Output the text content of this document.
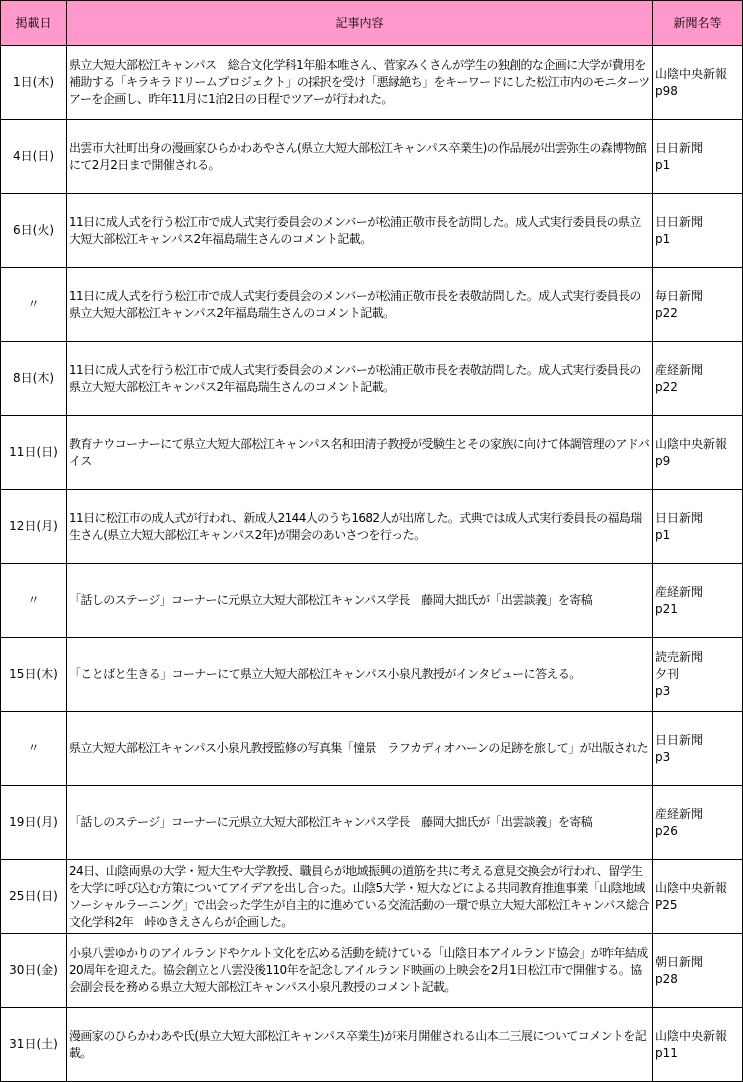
掲載日	記事内容	新聞名等
1日(木)	県立大短大部松江キャンパス　総合文化学科1年船本唯さん、菅家みくさんが学生の独創的な企画に大学が費用を補助する「キラキラドリームプロジェクト」の採択を受け「悪縁絶ち」をキーワードにした松江市内のモニターツアーを企画し、昨年11月に1泊2日の日程でツアーが行われた。	山陰中央新報
p98
4日(日)	出雲市大社町出身の漫画家ひらかわあやさん(県立大短大部松江キャンパス卒業生)の作品展が出雲弥生の森博物館にて2月2日まで開催される。	日日新聞
p1
6日(火)	11日に成人式を行う松江市で成人式実行委員会のメンバーが松浦正敬市長を訪問した。成人式実行委員長の県立大短大部松江キャンパス2年福島瑞生さんのコメント記載。	日日新聞
p1
〃	11日に成人式を行う松江市で成人式実行委員会のメンバーが松浦正敬市長を表敬訪問した。成人式実行委員長の県立大短大部松江キャンパス2年福島瑞生さんのコメント記載。	毎日新聞
p22
8日(木)	11日に成人式を行う松江市で成人式実行委員会のメンバーが松浦正敬市長を表敬訪問した。成人式実行委員長の県立大短大部松江キャンパス2年福島瑞生さんのコメント記載。	産経新聞
p22
11日(日)	教育ナウコーナーにて県立大短大部松江キャンパス名和田清子教授が受験生とその家族に向けて体調管理のアドバイス	山陰中央新報
p9
12日(月)	11日に松江市の成人式が行われ、新成人2144人のうち1682人が出席した。式典では成人式実行委員長の福島瑞生さん(県立大短大部松江キャンパス2年)が開会のあいさつを行った。	日日新聞
p1
〃	「話しのステージ」コーナーに元県立大短大部松江キャンパス学長　藤岡大拙氏が「出雲談義」を寄稿	産経新聞
p21
15日(木)	「ことばと生きる」コーナーにて県立大短大部松江キャンパス小泉凡教授がインタビューに答える。	読売新聞
夕刊
p3
〃	県立大短大部松江キャンパス小泉凡教授監修の写真集「憧景　ラフカディオハーンの足跡を旅して」が出版された	日日新聞
p3
19日(月)	「話しのステージ」コーナーに元県立大短大部松江キャンパス学長　藤岡大拙氏が「出雲談義」を寄稿	産経新聞
p26
25日(日)	24日、山陰両県の大学・短大生や大学教授、職員らが地域振興の道筋を共に考える意見交換会が行われ、留学生を大学に呼び込む方策についてアイデアを出し合った。山陰5大学・短大などによる共同教育推進事業「山陰地域ソーシャルラーニング」で出会った学生が自主的に進めている交流活動の一環で県立大短大部松江キャンパス総合文化学科2年　峠ゆきえさんらが企画した。	山陰中央新報
P25
30日(金)	小泉八雲ゆかりのアイルランドやケルト文化を広める活動を続けている「山陰日本アイルランド協会」が昨年結成20周年を迎えた。協会創立と八雲没後110年を記念しアイルランド映画の上映会を2月1日松江市で開催する。協会副会長を務める県立大短大部松江キャンパス小泉凡教授のコメント記載。	朝日新聞
p28
31日(土)	漫画家のひらかわあや氏(県立大短大部松江キャンパス卒業生)が来月開催される山本二三展についてコメントを記載。	山陰中央新報
p11
